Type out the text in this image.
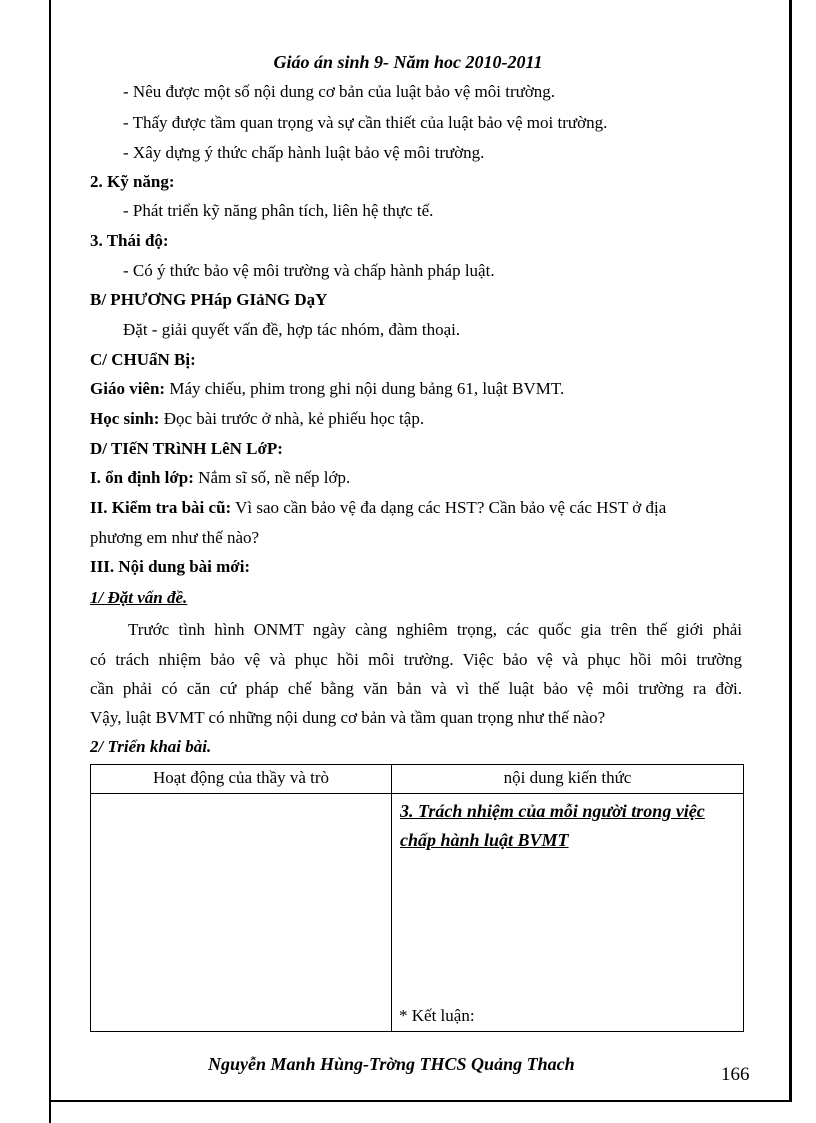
Giáo án sinh 9- Năm hoc 2010-2011
- Nêu được một số nội dung cơ bản của luật bảo vệ môi trường.
- Thấy được tầm quan trọng và sự cần thiết của luật bảo vệ moi trường.
- Xây dựng ý thức chấp hành luật bảo vệ môi trường.
2. Kỹ năng:
- Phát triển kỹ năng phân tích, liên hệ thực tế.
3. Thái độ:
- Có ý thức bảo vệ môi trường và chấp hành pháp luật.
B/ PHƯƠNG PHáp GIảNG DạY
Đặt - giải quyết vấn đề, hợp tác nhóm, đàm thoại.
C/ CHUẩN Bị:
Giáo viên: Máy chiếu, phim trong ghi nội dung bảng 61, luật BVMT.
Học sinh: Đọc bài trước ở nhà, kẻ phiếu học tập.
D/ TIếN TRìNH LêN LớP:
I. ổn định lớp: Nắm sĩ số, nề nếp lớp.
II. Kiểm tra bài cũ: Vì sao cần bảo vệ đa dạng các HST? Cần bảo vệ các HST ở địa
phương em như thế nào?
III. Nội dung bài mới:
1/ Đặt vấn đề.
Trước tình hình ONMT ngày càng nghiêm trọng, các quốc gia trên thế giới phải
có trách nhiệm bảo vệ và phục hồi môi trường. Việc bảo vệ và phục hồi môi trường
cần phải có căn cứ pháp chế bằng văn bản và vì thế luật bảo vệ môi trường ra đời.
Vậy, luật BVMT có những nội dung cơ bản và tầm quan trọng như thế nào?
2/ Triển khai bài.
Hoạt động của thầy và trò	nội dung kiến thức

	3. Trách nhiệm của mỗi người trong việc
chấp hành luật BVMT
* Kết luận:
Nguyễn Manh Hùng-Trờng THCS Quảng Thach	166
